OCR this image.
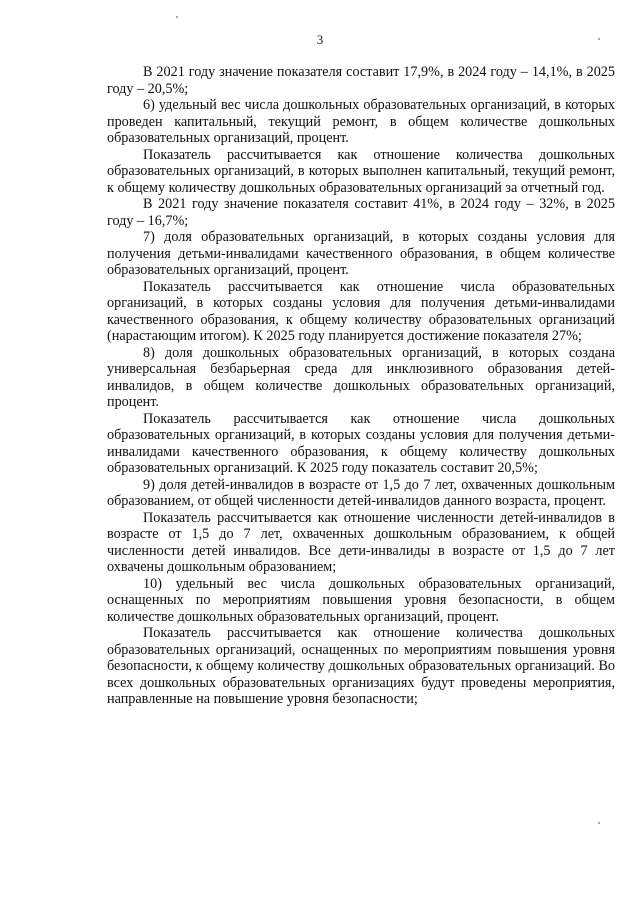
3

В 2021 году значение показателя составит 17,9%, в 2024 году – 14,1%, в 2025 году – 20,5%;

6) удельный вес числа дошкольных образовательных организаций, в которых проведен капитальный, текущий ремонт, в общем количестве дошкольных образовательных организаций, процент.

Показатель рассчитывается как отношение количества дошкольных образовательных организаций, в которых выполнен капитальный, текущий ремонт, к общему количеству дошкольных образовательных организаций за отчетный год.

В 2021 году значение показателя составит 41%, в 2024 году – 32%, в 2025 году – 16,7%;

7) доля образовательных организаций, в которых созданы условия для получения детьми-инвалидами качественного образования, в общем количестве образовательных организаций, процент.

Показатель рассчитывается как отношение числа образовательных организаций, в которых созданы условия для получения детьми-инвалидами качественного образования, к общему количеству образовательных организаций (нарастающим итогом). К 2025 году планируется достижение показателя 27%;

8) доля дошкольных образовательных организаций, в которых создана универсальная безбарьерная среда для инклюзивного образования детей-инвалидов, в общем количестве дошкольных образовательных организаций, процент.

Показатель рассчитывается как отношение числа дошкольных образовательных организаций, в которых созданы условия для получения детьми-инвалидами качественного образования, к общему количеству дошкольных образовательных организаций. К 2025 году показатель составит 20,5%;

9) доля детей-инвалидов в возрасте от 1,5 до 7 лет, охваченных дошкольным образованием, от общей численности детей-инвалидов данного возраста, процент.

Показатель рассчитывается как отношение численности детей-инвалидов в возрасте от 1,5 до 7 лет, охваченных дошкольным образованием, к общей численности детей инвалидов. Все дети-инвалиды в возрасте от 1,5 до 7 лет охвачены дошкольным образованием;

10) удельный вес числа дошкольных образовательных организаций, оснащенных по мероприятиям повышения уровня безопасности, в общем количестве дошкольных образовательных организаций, процент.

Показатель рассчитывается как отношение количества дошкольных образовательных организаций, оснащенных по мероприятиям повышения уровня безопасности, к общему количеству дошкольных образовательных организаций. Во всех дошкольных образовательных организациях будут проведены мероприятия, направленные на повышение уровня безопасности;
